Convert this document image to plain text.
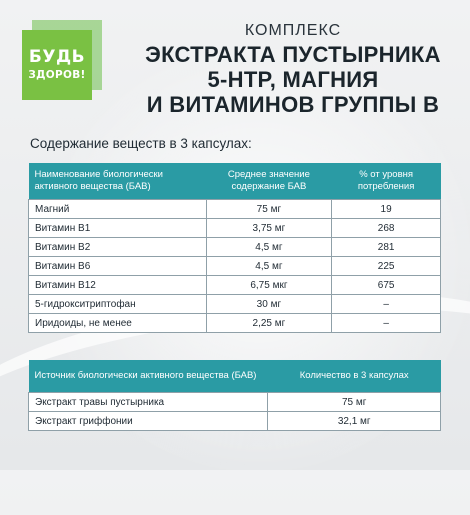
БУДЬ
ЗДОРОВ!
КОМПЛЕКС
ЭКСТРАКТА ПУСТЫРНИКА
5-HTP, МАГНИЯ
И ВИТАМИНОВ ГРУППЫ В
Содержание веществ в 3 капсулах:
Наименование биологически активного вещества (БАВ)	Среднее значение содержание БАВ	% от уровня потребления
Магний	75 мг	19
Витамин В1	3,75 мг	268
Витамин В2	4,5 мг	281
Витамин В6	4,5 мг	225
Витамин В12	6,75 мкг	675
5-гидрокситриптофан	30 мг	–
Иридоиды, не менее	2,25 мг	–
Источник биологически активного вещества (БАВ)	Количество в 3 капсулах
Экстракт травы пустырника	75 мг
Экстракт гриффонии	32,1 мг
